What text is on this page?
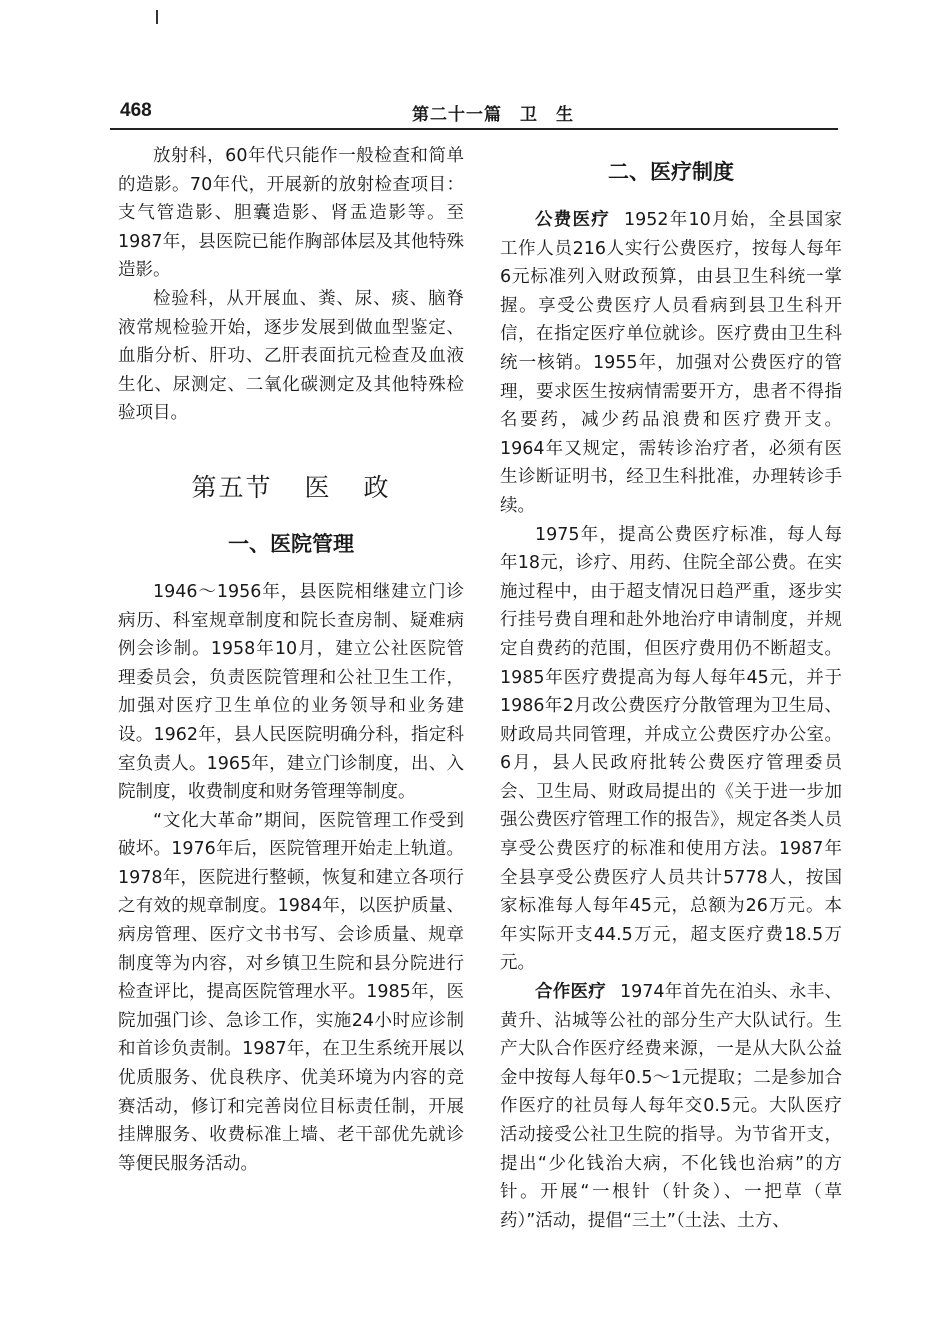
468	第二十一篇　卫　生

放射科，60年代只能作一般检查和简单的造影。70年代，开展新的放射检查项目：支气管造影、胆囊造影、肾盂造影等。至1987年，县医院已能作胸部体层及其他特殊造影。

检验科，从开展血、粪、尿、痰、脑脊液常规检验开始，逐步发展到做血型鉴定、血脂分析、肝功、乙肝表面抗元检查及血液生化、尿测定、二氧化碳测定及其他特殊检验项目。

第五节 医 政
一、医院管理

1946～1956年，县医院相继建立门诊病历、科室规章制度和院长查房制、疑难病例会诊制。1958年10月，建立公社医院管理委员会，负责医院管理和公社卫生工作，加强对医疗卫生单位的业务领导和业务建设。1962年，县人民医院明确分科，指定科室负责人。1965年，建立门诊制度，出、入院制度，收费制度和财务管理等制度。

“文化大革命”期间，医院管理工作受到破坏。1976年后，医院管理开始走上轨道。1978年，医院进行整顿，恢复和建立各项行之有效的规章制度。1984年，以医护质量、病房管理、医疗文书书写、会诊质量、规章制度等为内容，对乡镇卫生院和县分院进行检查评比，提高医院管理水平。1985年，医院加强门诊、急诊工作，实施24小时应诊制和首诊负责制。1987年，在卫生系统开展以优质服务、优良秩序、优美环境为内容的竞赛活动，修订和完善岗位目标责任制，开展挂牌服务、收费标准上墙、老干部优先就诊等便民服务活动。

二、医疗制度

公费医疗 1952年10月始，全县国家工作人员216人实行公费医疗，按每人每年6元标准列入财政预算，由县卫生科统一掌握。享受公费医疗人员看病到县卫生科开信，在指定医疗单位就诊。医疗费由卫生科统一核销。1955年，加强对公费医疗的管理，要求医生按病情需要开方，患者不得指名要药，减少药品浪费和医疗费开支。1964年又规定，需转诊治疗者，必须有医生诊断证明书，经卫生科批准，办理转诊手续。

1975年，提高公费医疗标准，每人每年18元，诊疗、用药、住院全部公费。在实施过程中，由于超支情况日趋严重，逐步实行挂号费自理和赴外地治疗申请制度，并规定自费药的范围，但医疗费用仍不断超支。1985年医疗费提高为每人每年45元，并于1986年2月改公费医疗分散管理为卫生局、财政局共同管理，并成立公费医疗办公室。6月，县人民政府批转公费医疗管理委员会、卫生局、财政局提出的《关于进一步加强公费医疗管理工作的报告》，规定各类人员享受公费医疗的标准和使用方法。1987年全县享受公费医疗人员共计5778人，按国家标准每人每年45元，总额为26万元。本年实际开支44.5万元，超支医疗费18.5万元。

合作医疗 1974年首先在泊头、永丰、黄升、沾城等公社的部分生产大队试行。生产大队合作医疗经费来源，一是从大队公益金中按每人每年0.5～1元提取；二是参加合作医疗的社员每人每年交0.5元。大队医疗活动接受公社卫生院的指导。为节省开支，提出“少化钱治大病，不化钱也治病”的方针。开展“一根针（针灸）、一把草（草药）”活动，提倡“三土”（土法、土方、
